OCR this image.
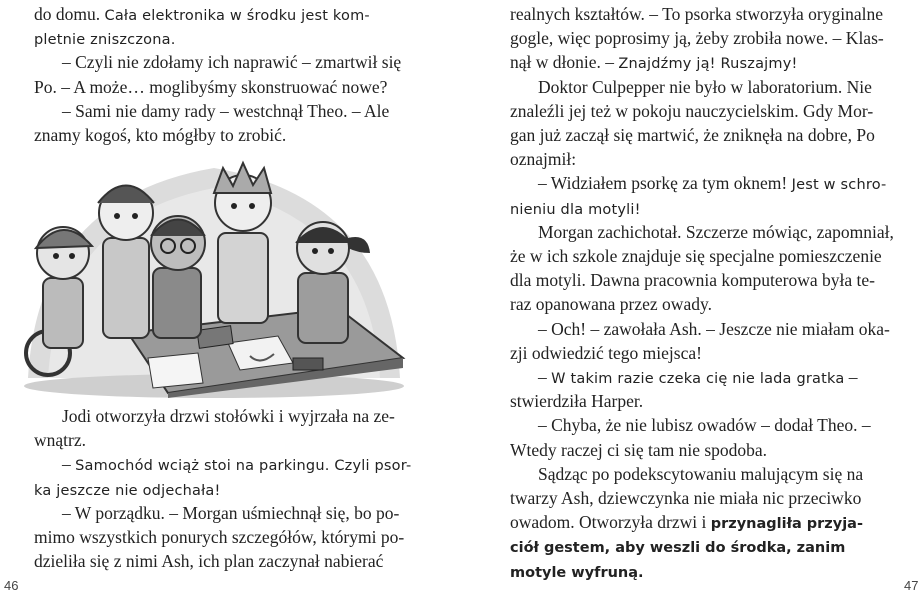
do domu. Cała elektronika w środku jest kom-
pletnie zniszczona.
– Czyli nie zdołamy ich naprawić – zmartwił się
Po. – A może… moglibyśmy skonstruować nowe?
– Sami nie damy rady – westchnął Theo. – Ale
znamy kogoś, kto mógłby to zrobić.
Jodi otworzyła drzwi stołówki i wyjrzała na ze-
wnątrz.
– Samochód wciąż stoi na parkingu. Czyli psor-
ka jeszcze nie odjechała!
– W porządku. – Morgan uśmiechnął się, bo po-
mimo wszystkich ponurych szczegółów, którymi po-
dzieliła się z nimi Ash, ich plan zaczynał nabierać
46
realnych kształtów. – To psorka stworzyła oryginalne
gogle, więc poprosimy ją, żeby zrobiła nowe. – Klas-
nął w dłonie. – Znajdźmy ją! Ruszajmy!
Doktor Culpepper nie było w laboratorium. Nie
znaleźli jej też w pokoju nauczycielskim. Gdy Mor-
gan już zaczął się martwić, że zniknęła na dobre, Po
oznajmił:
– Widziałem psorkę za tym oknem! Jest w schro-
nieniu dla motyli!
Morgan zachichotał. Szczerze mówiąc, zapomniał,
że w ich szkole znajduje się specjalne pomieszczenie
dla motyli. Dawna pracownia komputerowa była te-
raz opanowana przez owady.
– Och! – zawołała Ash. – Jeszcze nie miałam oka-
zji odwiedzić tego miejsca!
– W takim razie czeka cię nie lada gratka –
stwierdziła Harper.
– Chyba, że nie lubisz owadów – dodał Theo. –
Wtedy raczej ci się tam nie spodoba.
Sądząc po podekscytowaniu malującym się na
twarzy Ash, dziewczynka nie miała nic przeciwko
owadom. Otworzyła drzwi i przynagliła przyja-
ciół gestem, aby weszli do środka, zanim
motyle wyfruną.
47
